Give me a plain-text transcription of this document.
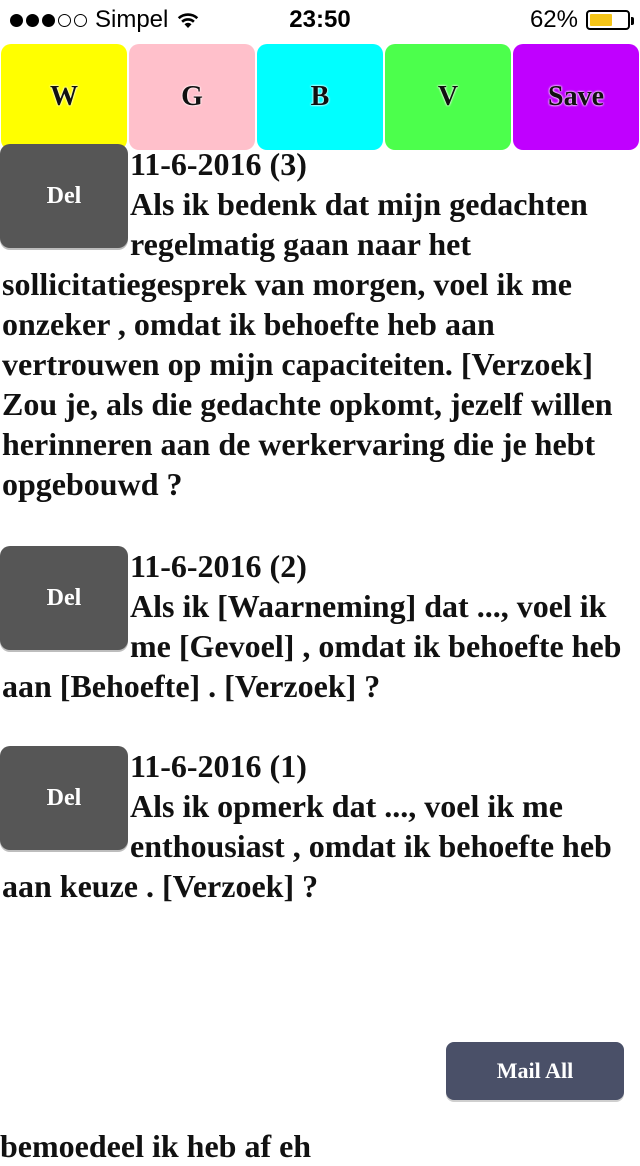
Simpel	23:50	62%
W	G	B	V	Save
Del

11-6-2016 (3)
Als ik bedenk dat mijn gedachten regelmatig gaan naar het sollicitatiegesprek van morgen, voel ik me onzeker , omdat ik behoefte heb aan vertrouwen op mijn capaciteiten. [Verzoek] Zou je, als die gedachte opkomt, jezelf willen herinneren aan de werkervaring die je hebt opgebouwd ?

Del

11-6-2016 (2)
Als ik [Waarneming] dat ..., voel ik me [Gevoel] , omdat ik behoefte heb aan [Behoefte] . [Verzoek] ?

Del

11-6-2016 (1)
Als ik opmerk dat ..., voel ik me enthousiast , omdat ik behoefte heb aan keuze . [Verzoek] ?

Mail All
bemoedeel ik heb af eh
